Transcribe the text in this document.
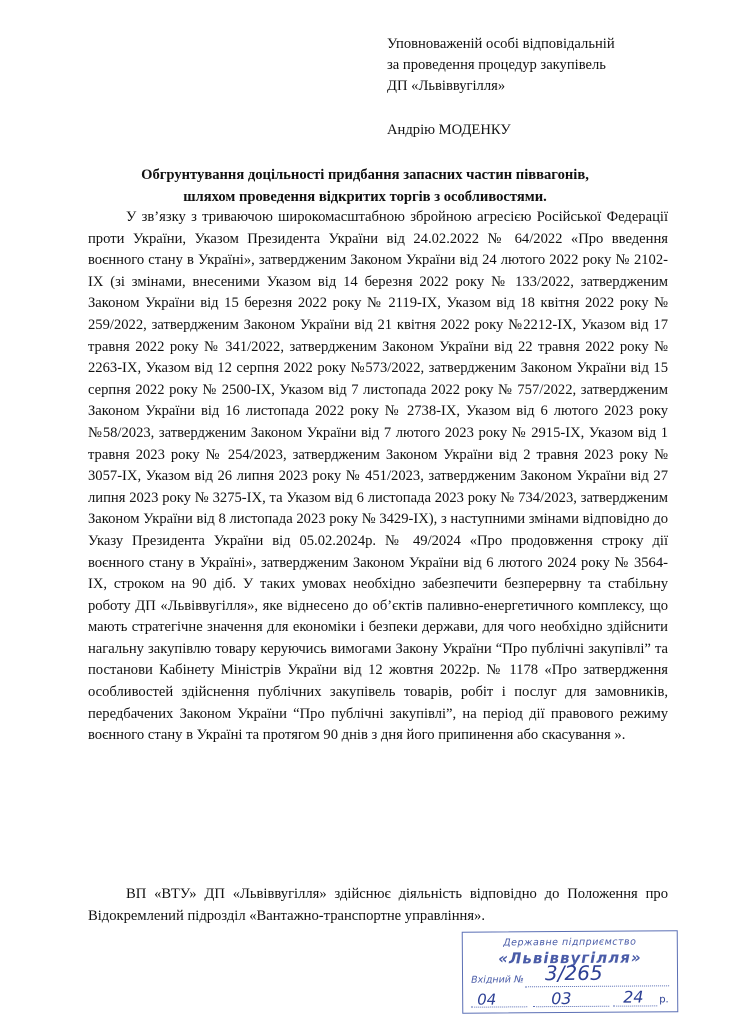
Уповноваженій особі відповідальній
за проведення процедур закупівель
ДП «Львіввугілля»
Андрію МОДЕНКУ
Обгрунтування доцільності придбання запасних частин піввагонів,
шляхом проведення відкритих торгів з особливостями.

У зв’язку з триваючою широкомасштабною збройною агресією Російської Федерації проти України, Указом Президента України від 24.02.2022 № 64/2022 «Про введення воєнного стану в Україні», затвердженим Законом України від 24 лютого 2022 року № 2102-IX (зі змінами, внесеними Указом від 14 березня 2022 року № 133/2022, затвердженим Законом України від 15 березня 2022 року № 2119-IX, Указом від 18 квітня 2022 року № 259/2022, затвердженим Законом України від 21 квітня 2022 року №2212-IX, Указом від 17 травня 2022 року № 341/2022, затвердженим Законом України від 22 травня 2022 року № 2263-IX, Указом від 12 серпня 2022 року №573/2022, затвердженим Законом України від 15 серпня 2022 року № 2500-IX, Указом від 7 листопада 2022 року № 757/2022, затвердженим Законом України від 16 листопада 2022 року № 2738-IX, Указом від 6 лютого 2023 року №58/2023, затвердженим Законом України від 7 лютого 2023 року № 2915-IX, Указом від 1 травня 2023 року № 254/2023, затвердженим Законом України від 2 травня 2023 року № 3057-IX, Указом від 26 липня 2023 року № 451/2023, затвердженим Законом України від 27 липня 2023 року № 3275-IX, та Указом від 6 листопада 2023 року № 734/2023, затвердженим Законом України від 8 листопада 2023 року № 3429-IX), з наступними змінами відповідно до Указу Президента України від 05.02.2024р. № 49/2024 «Про продовження строку дії воєнного стану в Україні», затвердженим Законом України від 6 лютого 2024 року № 3564-IX, строком на 90 діб. У таких умовах необхідно забезпечити безперервну та стабільну роботу ДП «Львіввугілля», яке віднесено до об’єктів паливно-енергетичного комплексу, що мають стратегічне значення для економіки і безпеки держави, для чого необхідно здійснити нагальну закупівлю товару керуючись вимогами Закону України “Про публічні закупівлі” та постанови Кабінету Міністрів України від 12 жовтня 2022р. № 1178 «Про затвердження особливостей здійснення публічних закупівель товарів, робіт і послуг для замовників, передбачених Законом України “Про публічні закупівлі”, на період дії правового режиму воєнного стану в Україні та протягом 90 днів з дня його припинення або скасування ».

ВП «ВТУ» ДП «Львіввугілля» здійснює діяльність відповідно до Положення про Відокремлений підрозділ «Вантажно-транспортне управління».

Державне підприємство
«Львіввугілля»
Вхідний № 3/265
04	03	24 р.
